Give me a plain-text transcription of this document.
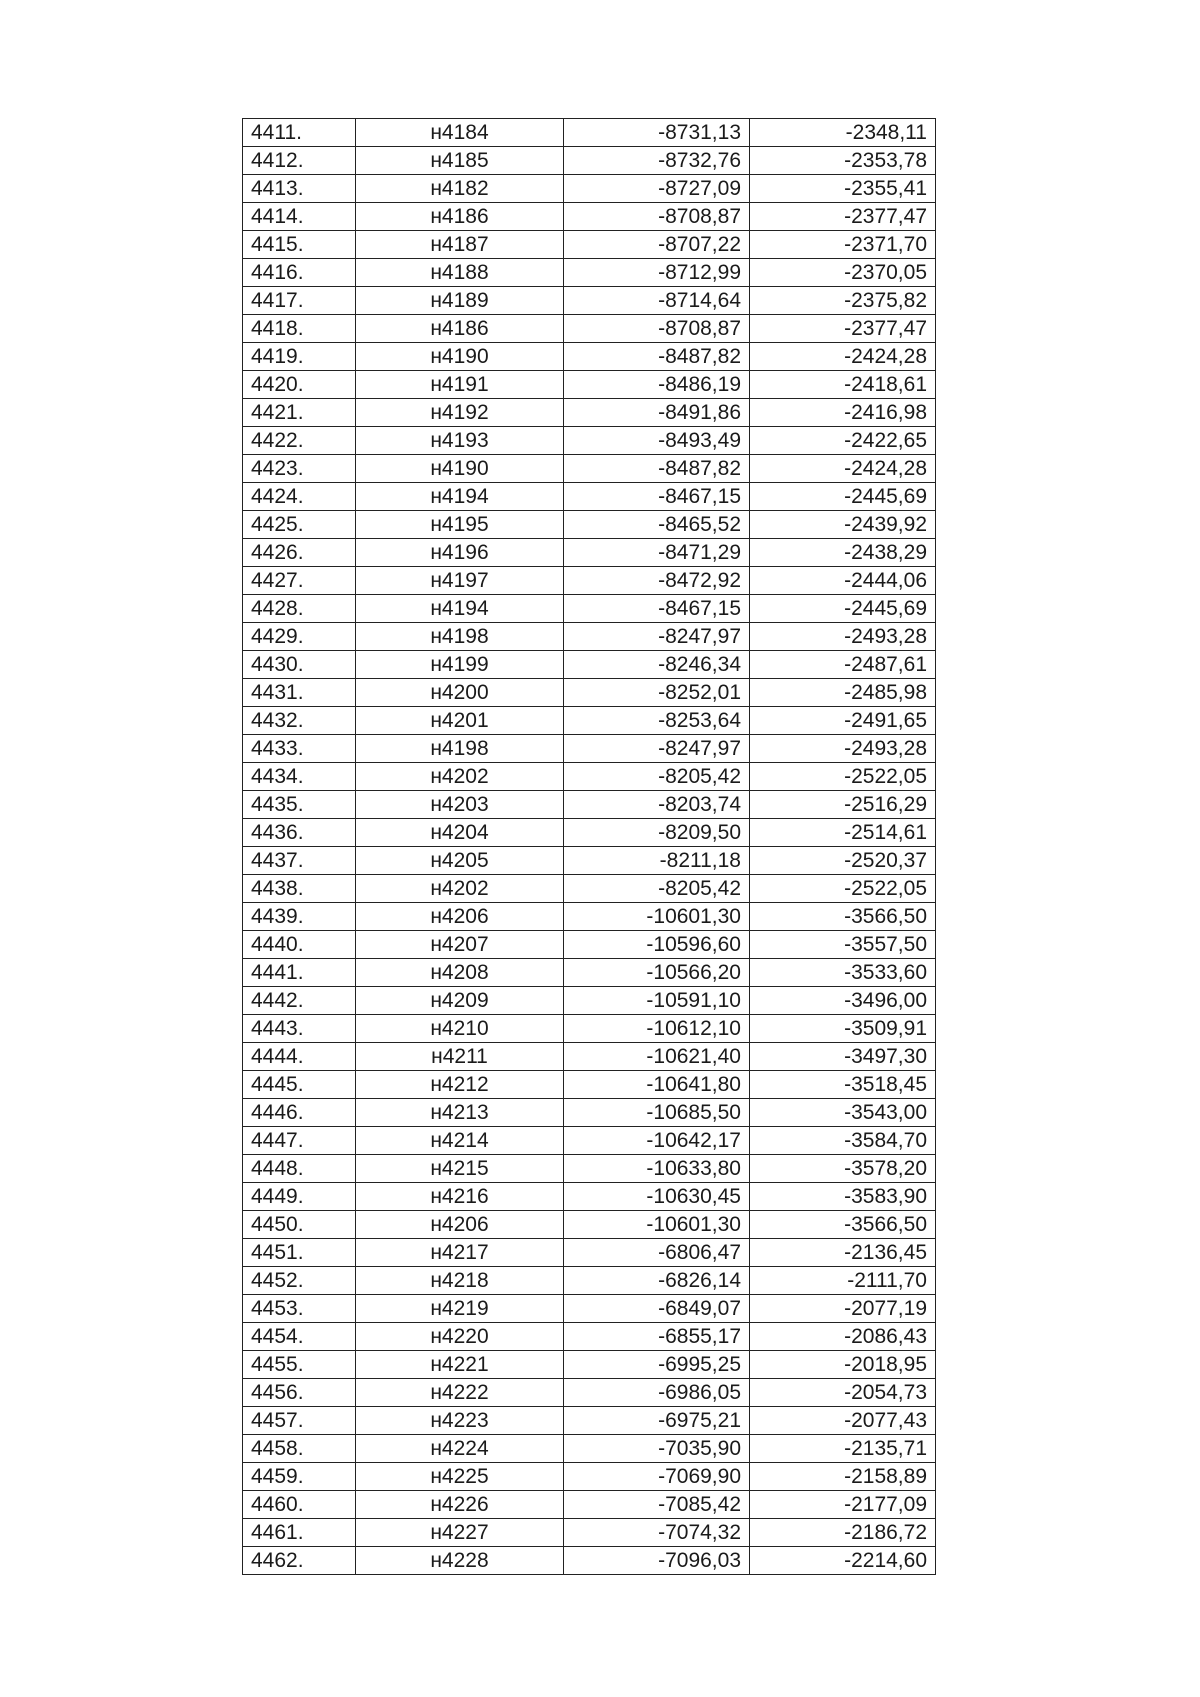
4411.	н4184	-8731,13	-2348,11
4412.	н4185	-8732,76	-2353,78
4413.	н4182	-8727,09	-2355,41
4414.	н4186	-8708,87	-2377,47
4415.	н4187	-8707,22	-2371,70
4416.	н4188	-8712,99	-2370,05
4417.	н4189	-8714,64	-2375,82
4418.	н4186	-8708,87	-2377,47
4419.	н4190	-8487,82	-2424,28
4420.	н4191	-8486,19	-2418,61
4421.	н4192	-8491,86	-2416,98
4422.	н4193	-8493,49	-2422,65
4423.	н4190	-8487,82	-2424,28
4424.	н4194	-8467,15	-2445,69
4425.	н4195	-8465,52	-2439,92
4426.	н4196	-8471,29	-2438,29
4427.	н4197	-8472,92	-2444,06
4428.	н4194	-8467,15	-2445,69
4429.	н4198	-8247,97	-2493,28
4430.	н4199	-8246,34	-2487,61
4431.	н4200	-8252,01	-2485,98
4432.	н4201	-8253,64	-2491,65
4433.	н4198	-8247,97	-2493,28
4434.	н4202	-8205,42	-2522,05
4435.	н4203	-8203,74	-2516,29
4436.	н4204	-8209,50	-2514,61
4437.	н4205	-8211,18	-2520,37
4438.	н4202	-8205,42	-2522,05
4439.	н4206	-10601,30	-3566,50
4440.	н4207	-10596,60	-3557,50
4441.	н4208	-10566,20	-3533,60
4442.	н4209	-10591,10	-3496,00
4443.	н4210	-10612,10	-3509,91
4444.	н4211	-10621,40	-3497,30
4445.	н4212	-10641,80	-3518,45
4446.	н4213	-10685,50	-3543,00
4447.	н4214	-10642,17	-3584,70
4448.	н4215	-10633,80	-3578,20
4449.	н4216	-10630,45	-3583,90
4450.	н4206	-10601,30	-3566,50
4451.	н4217	-6806,47	-2136,45
4452.	н4218	-6826,14	-2111,70
4453.	н4219	-6849,07	-2077,19
4454.	н4220	-6855,17	-2086,43
4455.	н4221	-6995,25	-2018,95
4456.	н4222	-6986,05	-2054,73
4457.	н4223	-6975,21	-2077,43
4458.	н4224	-7035,90	-2135,71
4459.	н4225	-7069,90	-2158,89
4460.	н4226	-7085,42	-2177,09
4461.	н4227	-7074,32	-2186,72
4462.	н4228	-7096,03	-2214,60
